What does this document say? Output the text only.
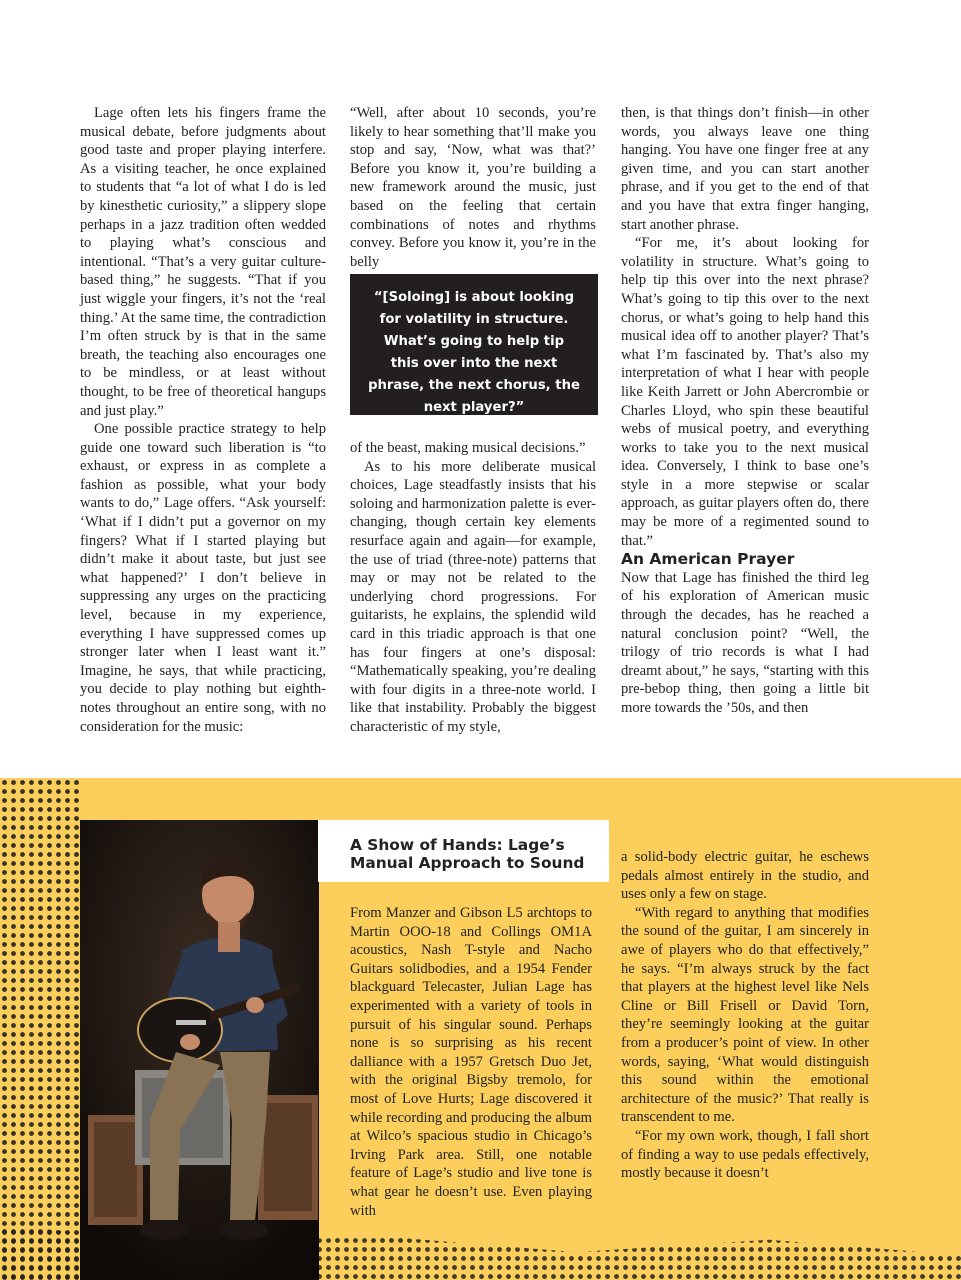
Lage often lets his fingers frame the musical debate, before judgments about good taste and proper playing interfere. As a visiting teacher, he once explained to students that “a lot of what I do is led by kinesthetic curiosity,” a slippery slope perhaps in a jazz tradition often wedded to playing what’s conscious and intentional. “That’s a very guitar culture-based thing,” he suggests. “That if you just wiggle your fingers, it’s not the ‘real thing.’ At the same time, the contradiction I’m often struck by is that in the same breath, the teaching also encourages one to be mindless, or at least without thought, to be free of theoretical hangups and just play.”

One possible practice strategy to help guide one toward such liberation is “to exhaust, or express in as complete a fashion as possible, what your body wants to do,” Lage offers. “Ask yourself: ‘What if I didn’t put a governor on my fingers? What if I started playing but didn’t make it about taste, but just see what happened?’ I don’t believe in suppressing any urges on the practicing level, because in my experience, everything I have suppressed comes up stronger later when I least want it.” Imagine, he says, that while practicing, you decide to play nothing but eighth-notes throughout an entire song, with no consideration for the music:

“Well, after about 10 seconds, you’re likely to hear something that’ll make you stop and say, ‘Now, what was that?’ Before you know it, you’re building a new framework around the music, just based on the feeling that certain combinations of notes and rhythms convey. Before you know it, you’re in the belly

“[Soloing] is about looking for volatility in structure. What’s going to help tip this over into the next phrase, the next chorus, the next player?”

of the beast, making musical decisions.”

As to his more deliberate musical choices, Lage steadfastly insists that his soloing and harmonization palette is ever-changing, though certain key elements resurface again and again—for example, the use of triad (three-note) patterns that may or may not be related to the underlying chord progressions. For guitarists, he explains, the splendid wild card in this triadic approach is that one has four fingers at one’s disposal: “Mathematically speaking, you’re dealing with four digits in a three-note world. I like that instability. Probably the biggest characteristic of my style,

then, is that things don’t finish—in other words, you always leave one thing hanging. You have one finger free at any given time, and you can start another phrase, and if you get to the end of that and you have that extra finger hanging, start another phrase.

“For me, it’s about looking for volatility in structure. What’s going to help tip this over into the next phrase? What’s going to tip this over to the next chorus, or what’s going to help hand this musical idea off to another player? That’s what I’m fascinated by. That’s also my interpretation of what I hear with people like Keith Jarrett or John Abercrombie or Charles Lloyd, who spin these beautiful webs of musical poetry, and everything works to take you to the next musical idea. Conversely, I think to base one’s style in a more stepwise or scalar approach, as guitar players often do, there may be more of a regimented sound to that.”

An American Prayer

Now that Lage has finished the third leg of his exploration of American music through the decades, has he reached a natural conclusion point? “Well, the trilogy of trio records is what I had dreamt about,” he says, “starting with this pre-bebop thing, then going a little bit more towards the ’50s, and then

A Show of Hands: Lage’s Manual Approach to Sound

From Manzer and Gibson L5 archtops to Martin OOO-18 and Collings OM1A acoustics, Nash T-style and Nacho Guitars solidbodies, and a 1954 Fender blackguard Telecaster, Julian Lage has experimented with a variety of tools in pursuit of his singular sound. Perhaps none is so surprising as his recent dalliance with a 1957 Gretsch Duo Jet, with the original Bigsby tremolo, for most of Love Hurts; Lage discovered it while recording and producing the album at Wilco’s spacious studio in Chicago’s Irving Park area. Still, one notable feature of Lage’s studio and live tone is what gear he doesn’t use. Even playing with

a solid-body electric guitar, he eschews pedals almost entirely in the studio, and uses only a few on stage.

“With regard to anything that modifies the sound of the guitar, I am sincerely in awe of players who do that effectively,” he says. “I’m always struck by the fact that players at the highest level like Nels Cline or Bill Frisell or David Torn, they’re seemingly looking at the guitar from a producer’s point of view. In other words, saying, ‘What would distinguish this sound within the emotional architecture of the music?’ That really is transcendent to me.

“For my own work, though, I fall short of finding a way to use pedals effectively, mostly because it doesn’t
